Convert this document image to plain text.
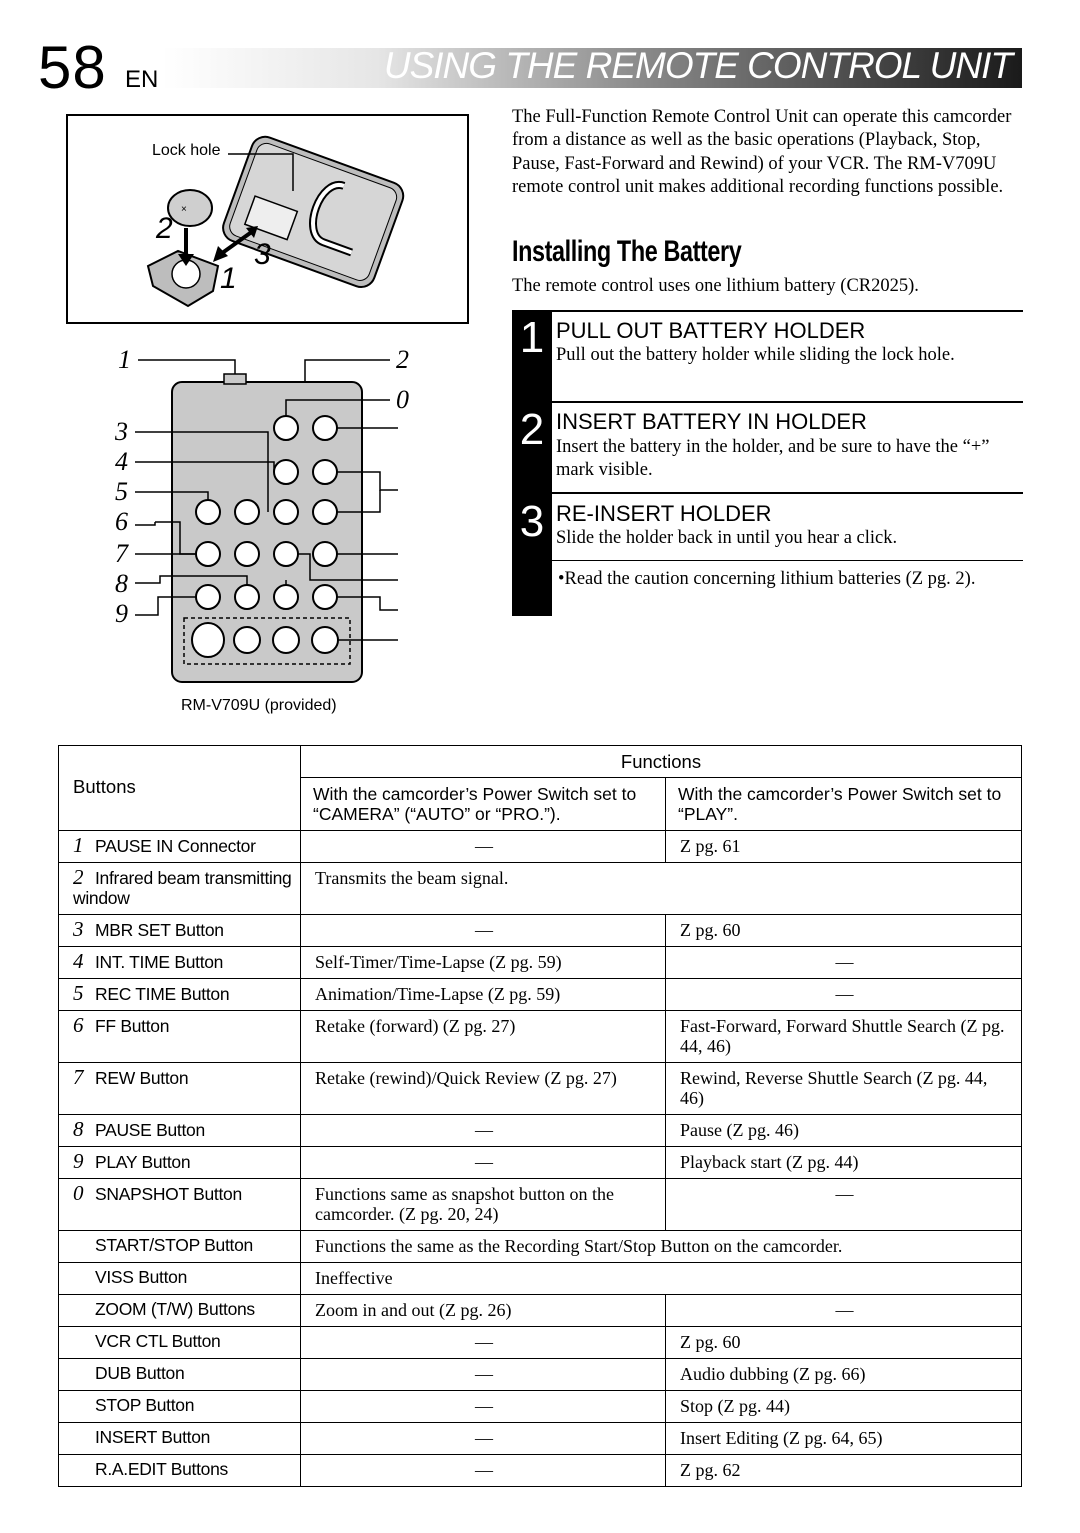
58 EN	USING THE REMOTE CONTROL UNIT
×
Lock hole
2
3
1
1
3
4
5
6
7
8
9
2
0
RM-V709U (provided)
The Full-Function Remote Control Unit can operate this camcorder from a distance as well as the basic operations (Playback, Stop, Pause, Fast-Forward and Rewind) of your VCR. The RM-V709U remote control unit makes additional recording functions possible.
Installing The Battery
The remote control uses one lithium battery (CR2025).
1 PULL OUT BATTERY HOLDER
Pull out the battery holder while sliding the lock hole.
2 INSERT BATTERY IN HOLDER
Insert the battery in the holder, and be sure to have the “+” mark visible.
3 RE-INSERT HOLDER
Slide the holder back in until you hear a click.
•Read the caution concerning lithium batteries (Z pg. 2).
Buttons	Functions	
	With the camcorder’s Power Switch set to “CAMERA” (“AUTO” or “PRO.”).	With the camcorder’s Power Switch set to “PLAY”.
1 PAUSE IN Connector	—	Z pg. 61
2 Infrared beam transmitting window	Transmits the beam signal.	
3 MBR SET Button	—	Z pg. 60
4 INT. TIME Button	Self-Timer/Time-Lapse (Z pg. 59)	—
5 REC TIME Button	Animation/Time-Lapse (Z pg. 59)	—
6 FF Button	Retake (forward) (Z pg. 27)	Fast-Forward, Forward Shuttle Search (Z pg. 44, 46)
7 REW Button	Retake (rewind)/Quick Review (Z pg. 27)	Rewind, Reverse Shuttle Search (Z pg. 44, 46)
8 PAUSE Button	—	Pause (Z pg. 46)
9 PLAY Button	—	Playback start (Z pg. 44)
0 SNAPSHOT Button	Functions same as snapshot button on the camcorder. (Z pg. 20, 24)	—
START/STOP Button	Functions the same as the Recording Start/Stop Button on the camcorder.	
VISS Button	Ineffective	
ZOOM (T/W) Buttons	Zoom in and out (Z pg. 26)	—
VCR CTL Button	—	Z pg. 60
DUB Button	—	Audio dubbing (Z pg. 66)
STOP Button	—	Stop (Z pg. 44)
INSERT Button	—	Insert Editing (Z pg. 64, 65)
R.A.EDIT Buttons	—	Z pg. 62
